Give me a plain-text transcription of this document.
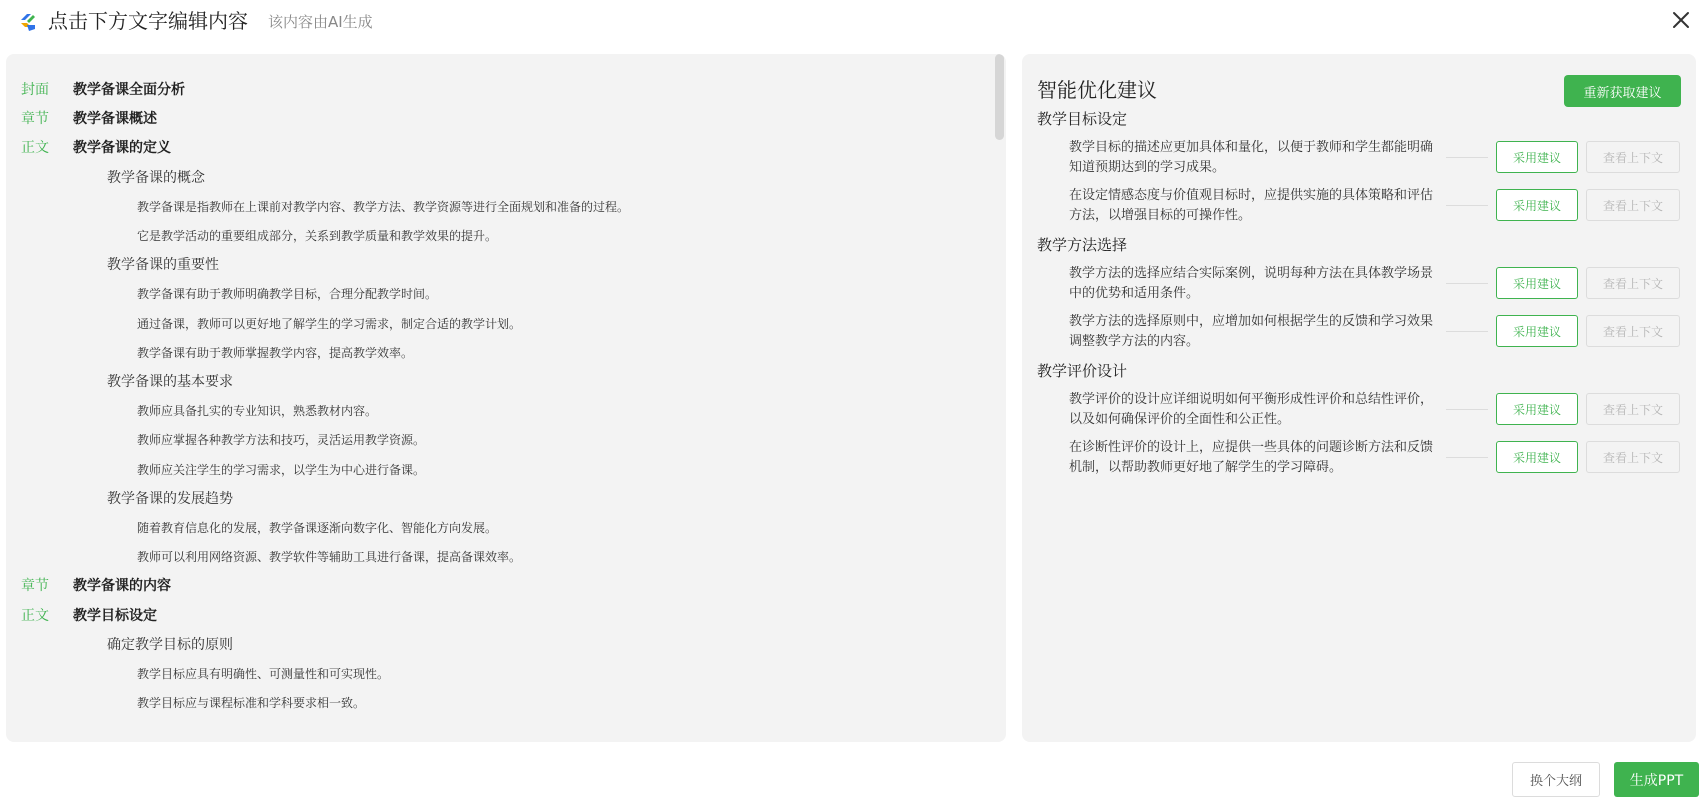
点击下方文字编辑内容 该内容由AI生成
封面 教学备课全面分析
章节 教学备课概述
正文 教学备课的定义
教学备课的概念
教学备课是指教师在上课前对教学内容、教学方法、教学资源等进行全面规划和准备的过程。
它是教学活动的重要组成部分，关系到教学质量和教学效果的提升。
教学备课的重要性
教学备课有助于教师明确教学目标，合理分配教学时间。
通过备课，教师可以更好地了解学生的学习需求，制定合适的教学计划。
教学备课有助于教师掌握教学内容，提高教学效率。
教学备课的基本要求
教师应具备扎实的专业知识，熟悉教材内容。
教师应掌握各种教学方法和技巧，灵活运用教学资源。
教师应关注学生的学习需求，以学生为中心进行备课。
教学备课的发展趋势
随着教育信息化的发展，教学备课逐渐向数字化、智能化方向发展。
教师可以利用网络资源、教学软件等辅助工具进行备课，提高备课效率。
章节 教学备课的内容
正文 教学目标设定
确定教学目标的原则
教学目标应具有明确性、可测量性和可实现性。
教学目标应与课程标准和学科要求相一致。
智能优化建议	重新获取建议
教学目标设定
教学目标的描述应更加具体和量化，以便于教师和学生都能明确知道预期达到的学习成果。
采用建议	查看上下文
在设定情感态度与价值观目标时，应提供实施的具体策略和评估方法，以增强目标的可操作性。
采用建议	查看上下文
教学方法选择
教学方法的选择应结合实际案例，说明每种方法在具体教学场景中的优势和适用条件。
采用建议	查看上下文
教学方法的选择原则中，应增加如何根据学生的反馈和学习效果调整教学方法的内容。
采用建议	查看上下文
教学评价设计
教学评价的设计应详细说明如何平衡形成性评价和总结性评价，以及如何确保评价的全面性和公正性。
采用建议	查看上下文
在诊断性评价的设计上，应提供一些具体的问题诊断方法和反馈机制，以帮助教师更好地了解学生的学习障碍。
采用建议	查看上下文
换个大纲	生成PPT
